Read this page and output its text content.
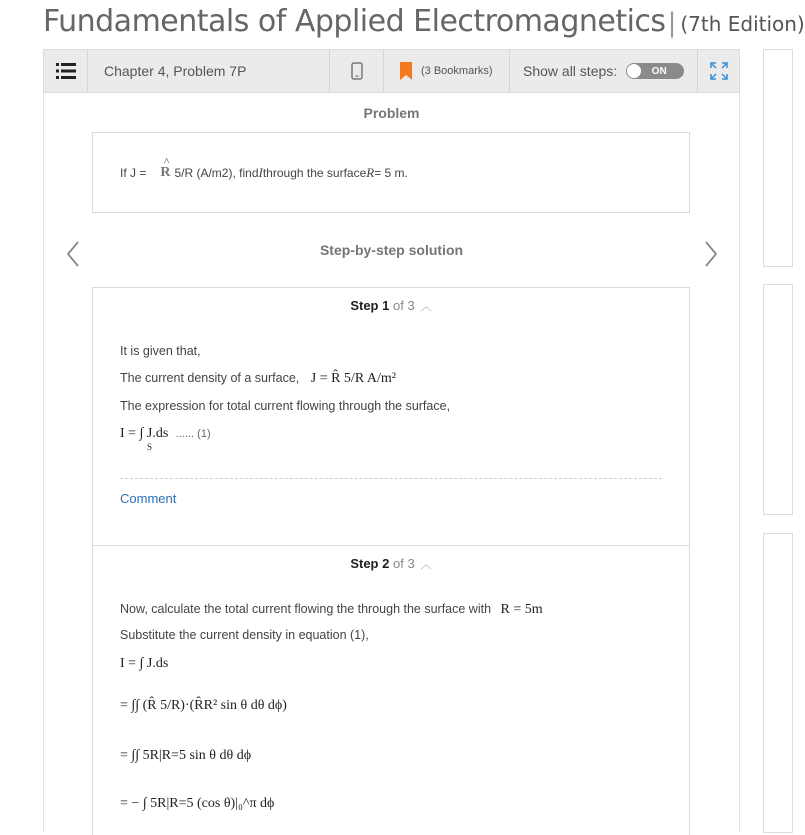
Fundamentals of Applied Electromagnetics| (7th Edition)
Chapter 4, Problem 7P	(3 Bookmarks) Show all steps:	ON
Problem
Step-by-step solution
If J =
^ R 5/R (A/m2), find I through the surface R = 5 m.
Step 1 of 3 ︿
It is given that,
The current density of a surface, J = R̂ 5/R A/m²
The expression for total current flowing through the surface,
I = ∫ J.ds ...... (1)
S
Comment
Step 2 of 3 ︿
Now, calculate the total current flowing the through the surface with R = 5m
Substitute the current density in equation (1),
I = ∫ J.ds
= ∫∫ (R̂ 5/R)·(R̂R² sin θ dθ dϕ)
= ∫∫ 5R|R=5 sin θ dθ dϕ
= − ∫ 5R|R=5 (cos θ)|₀^π dϕ
